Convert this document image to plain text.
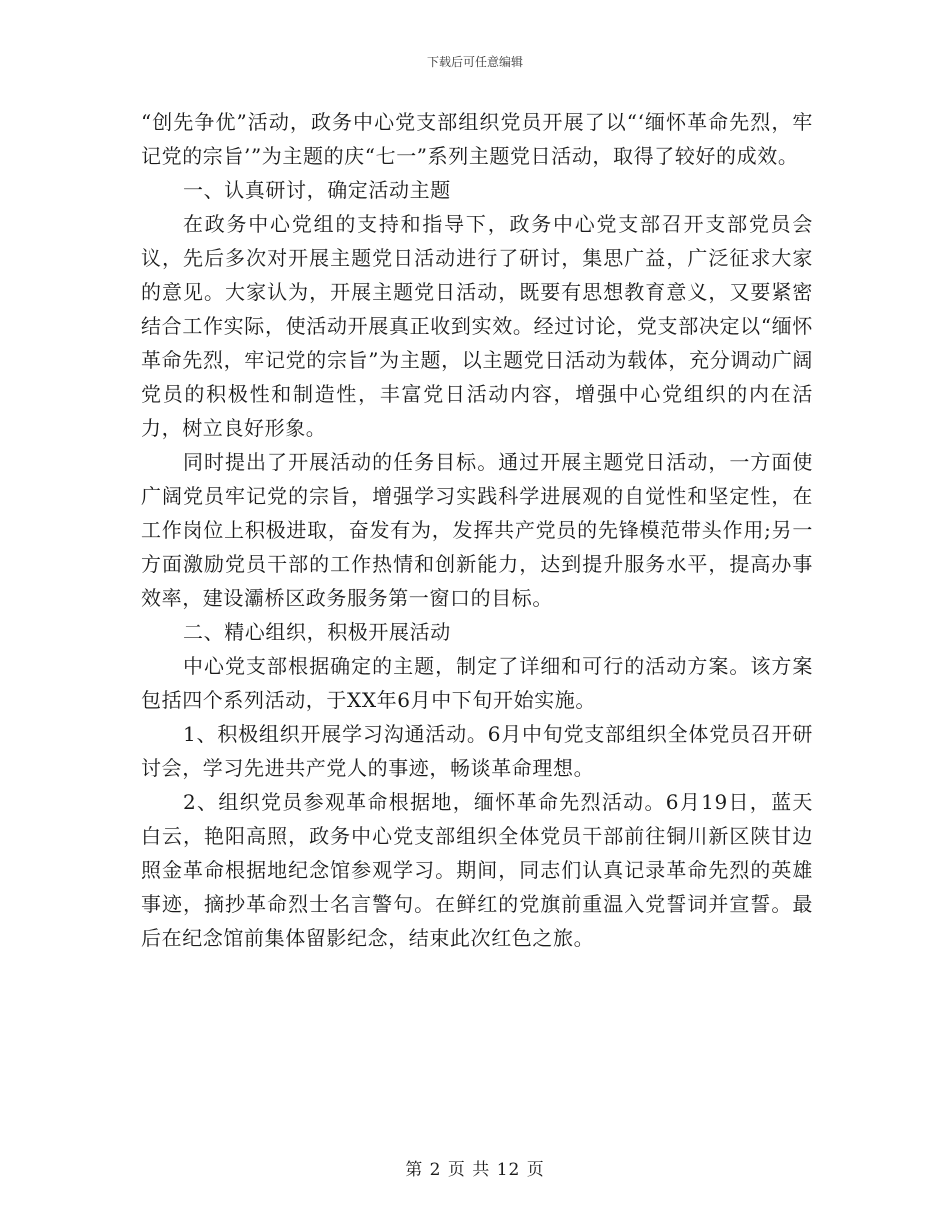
下载后可任意编辑

“创先争优”活动，政务中心党支部组织党员开展了以“‘缅怀革命先烈，牢记党的宗旨’”为主题的庆“七一”系列主题党日活动，取得了较好的成效。

一、认真研讨，确定活动主题

在政务中心党组的支持和指导下，政务中心党支部召开支部党员会议，先后多次对开展主题党日活动进行了研讨，集思广益，广泛征求大家的意见。大家认为，开展主题党日活动，既要有思想教育意义，又要紧密结合工作实际，使活动开展真正收到实效。经过讨论，党支部决定以“缅怀革命先烈，牢记党的宗旨”为主题，以主题党日活动为载体，充分调动广阔党员的积极性和制造性，丰富党日活动内容，增强中心党组织的内在活力，树立良好形象。

同时提出了开展活动的任务目标。通过开展主题党日活动，一方面使广阔党员牢记党的宗旨，增强学习实践科学进展观的自觉性和坚定性，在工作岗位上积极进取，奋发有为，发挥共产党员的先锋模范带头作用;另一方面激励党员干部的工作热情和创新能力，达到提升服务水平，提高办事效率，建设灞桥区政务服务第一窗口的目标。

二、精心组织，积极开展活动

中心党支部根据确定的主题，制定了详细和可行的活动方案。该方案包括四个系列活动，于XX年6月中下旬开始实施。

1、积极组织开展学习沟通活动。6月中旬党支部组织全体党员召开研讨会，学习先进共产党人的事迹，畅谈革命理想。

2、组织党员参观革命根据地，缅怀革命先烈活动。6月19日，蓝天白云，艳阳高照，政务中心党支部组织全体党员干部前往铜川新区陕甘边照金革命根据地纪念馆参观学习。期间，同志们认真记录革命先烈的英雄事迹，摘抄革命烈士名言警句。在鲜红的党旗前重温入党誓词并宣誓。最后在纪念馆前集体留影纪念，结束此次红色之旅。

第 2 页 共 12 页
